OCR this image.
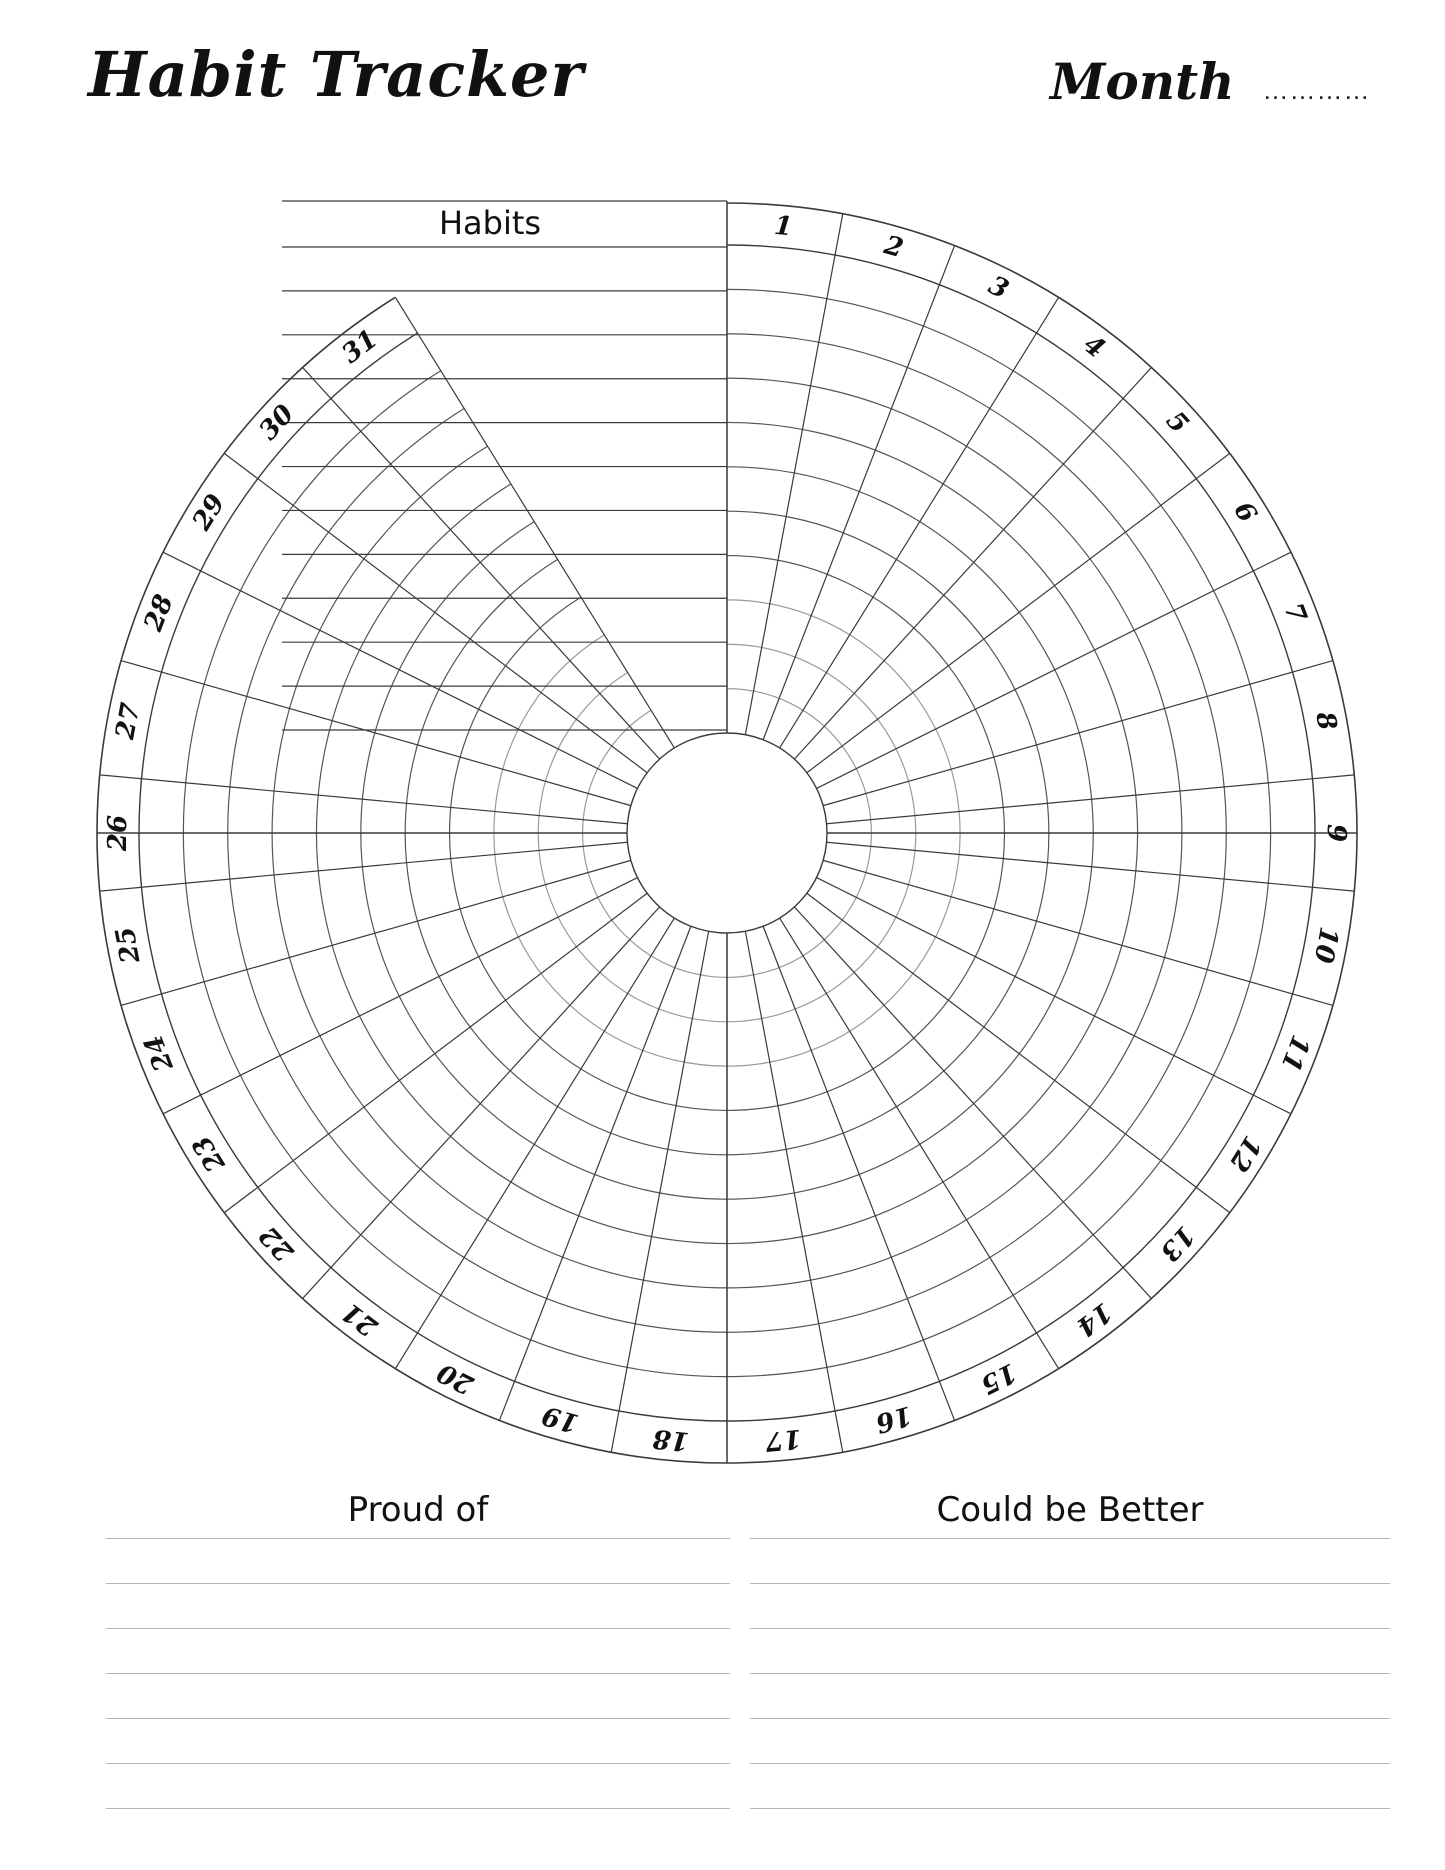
Habit Tracker	Month …………
Habits	1
2
3
4
5
6
7
8
9
10
11
12
13
14
15
16
17
18
19
20
21
22
23
24
25
26
27
28
29
30
31
Proud of	Could be Better
